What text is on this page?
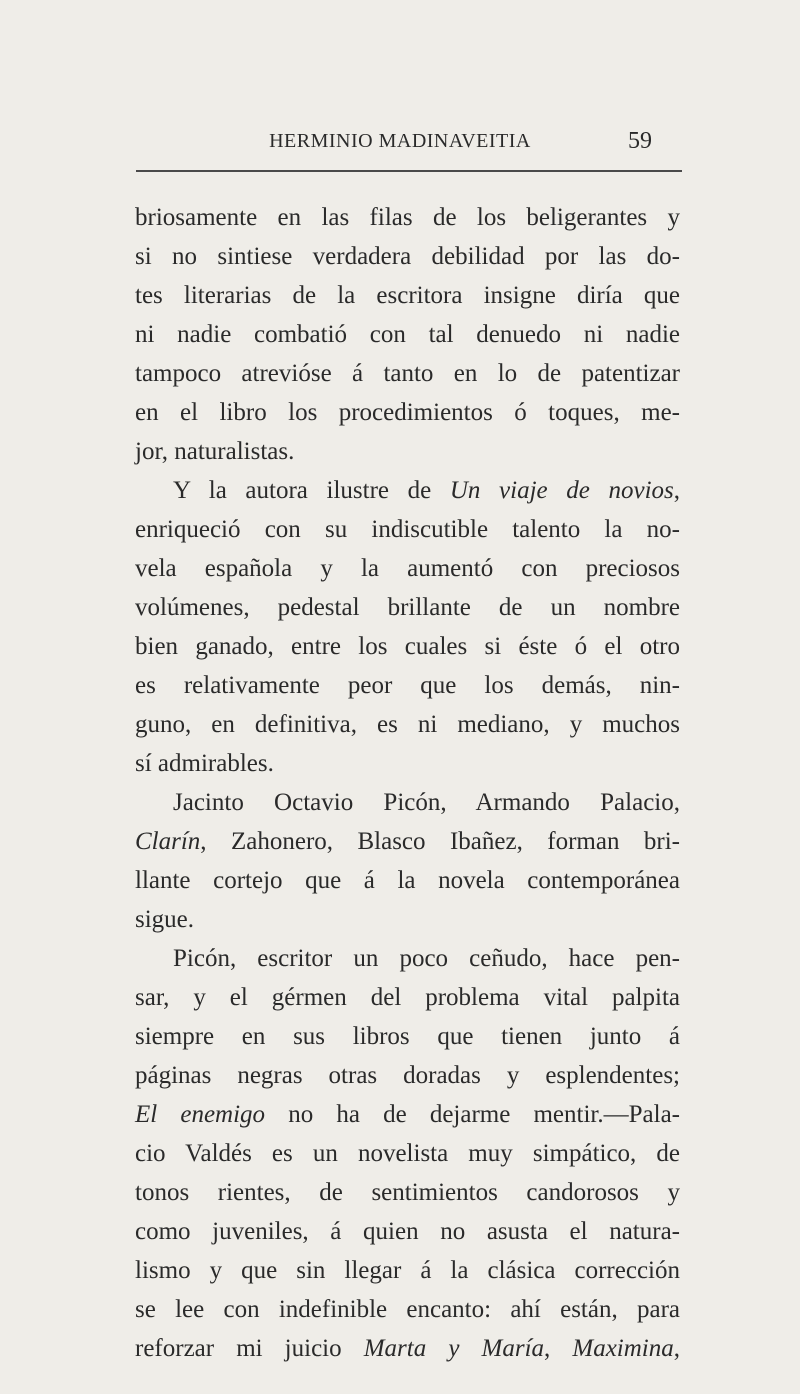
HERMINIO MADINAVEITIA	59
briosamente en las filas de los beligerantes y
si no sintiese verdadera debilidad por las do-
tes literarias de la escritora insigne diría que
ni nadie combatió con tal denuedo ni nadie
tampoco atrevióse á tanto en lo de patentizar
en el libro los procedimientos ó toques, me-
jor, naturalistas.
Y la autora ilustre de Un viaje de novios,
enriqueció con su indiscutible talento la no-
vela española y la aumentó con preciosos
volúmenes, pedestal brillante de un nombre
bien ganado, entre los cuales si éste ó el otro
es relativamente peor que los demás, nin-
guno, en definitiva, es ni mediano, y muchos
sí admirables.
Jacinto Octavio Picón, Armando Palacio,
Clarín, Zahonero, Blasco Ibañez, forman bri-
llante cortejo que á la novela contemporánea
sigue.
Picón, escritor un poco ceñudo, hace pen-
sar, y el gérmen del problema vital palpita
siempre en sus libros que tienen junto á
páginas negras otras doradas y esplendentes;
El enemigo no ha de dejarme mentir.—Pala-
cio Valdés es un novelista muy simpático, de
tonos rientes, de sentimientos candorosos y
como juveniles, á quien no asusta el natura-
lismo y que sin llegar á la clásica corrección
se lee con indefinible encanto: ahí están, para
reforzar mi juicio Marta y María, Maximina,
